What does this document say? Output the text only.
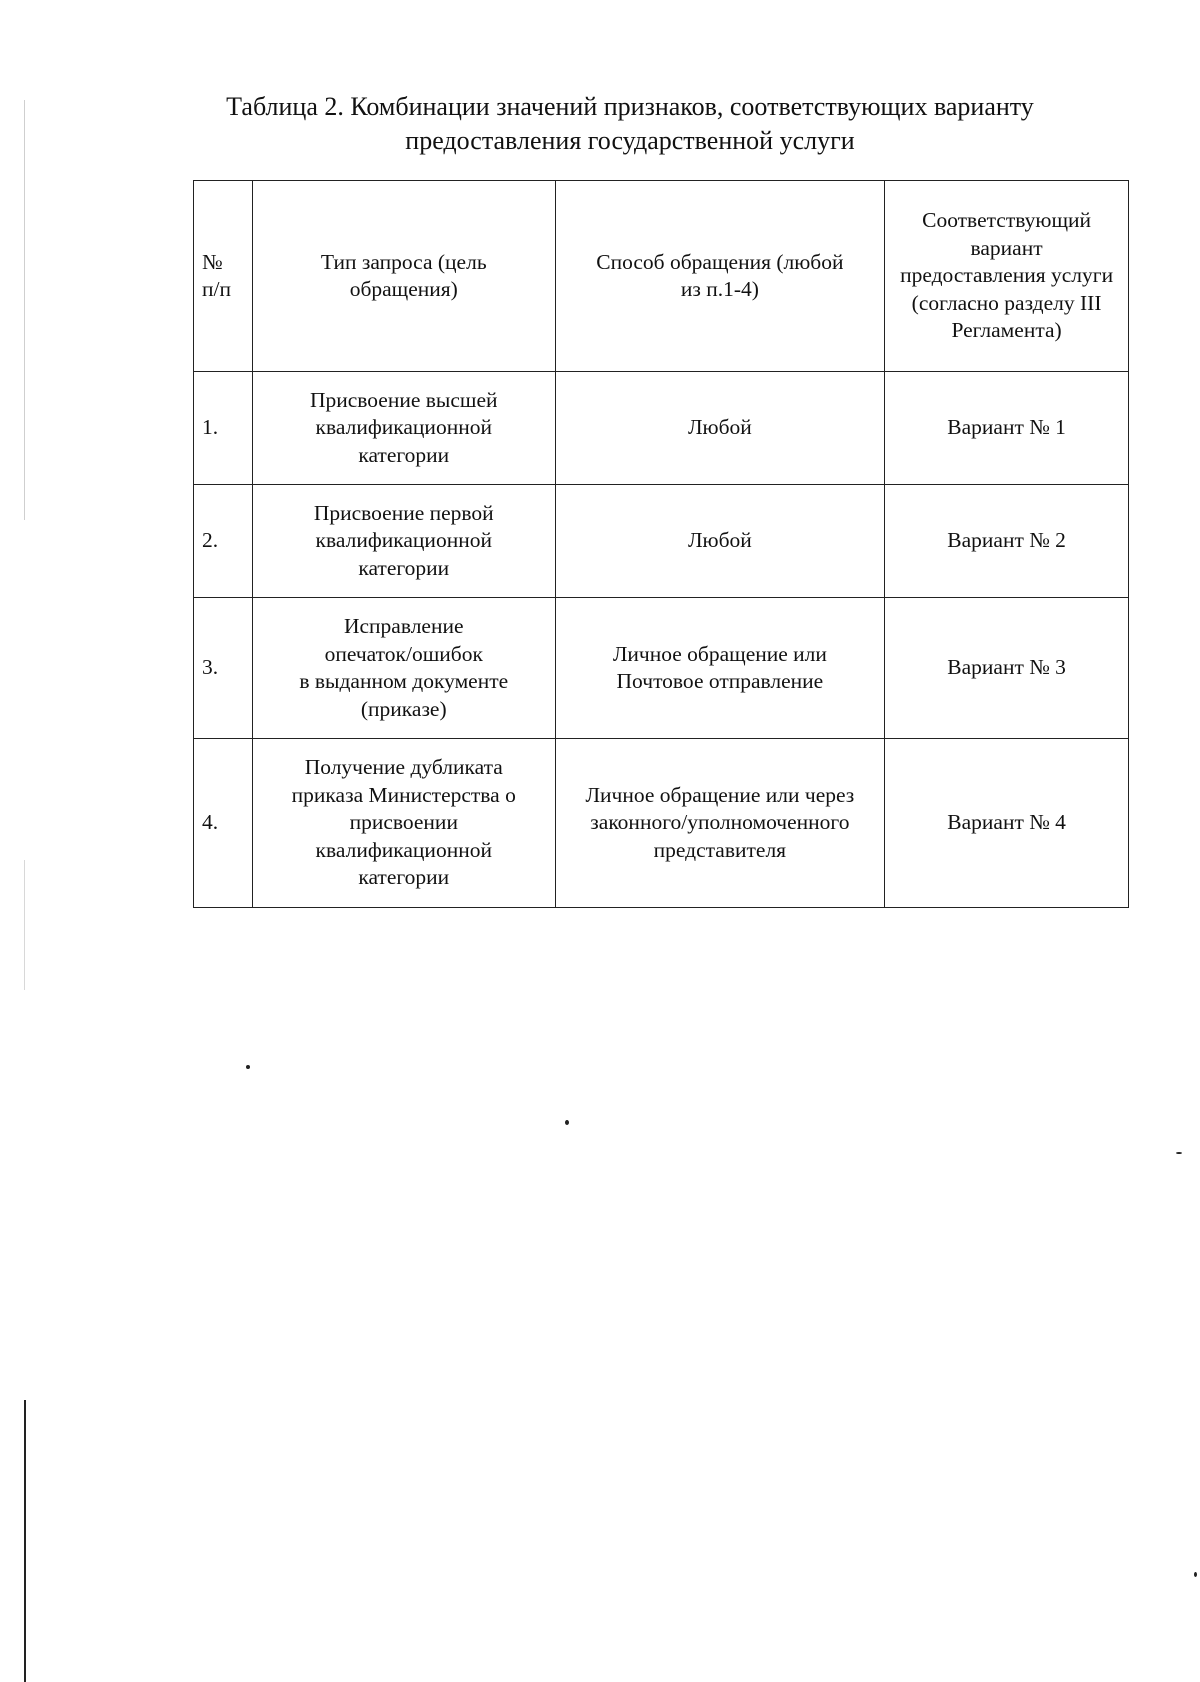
Таблица 2. Комбинации значений признаков, соответствующих варианту
предоставления государственной услуги
№
п/п	Тип запроса (цель
обращения)	Способ обращения (любой
из п.1-4)	Соответствующий
вариант
предоставления услуги
(согласно разделу III
Регламента)
1.	Присвоение высшей
квалификационной
категории	Любой	Вариант № 1
2.	Присвоение первой
квалификационной
категории	Любой	Вариант № 2
3.	Исправление
опечаток/ошибок
в выданном документе
(приказе)	Личное обращение или
Почтовое отправление	Вариант № 3
4.	Получение дубликата
приказа Министерства о
присвоении
квалификационной
категории	Личное обращение или через
законного/уполномоченного
представителя	Вариант № 4
